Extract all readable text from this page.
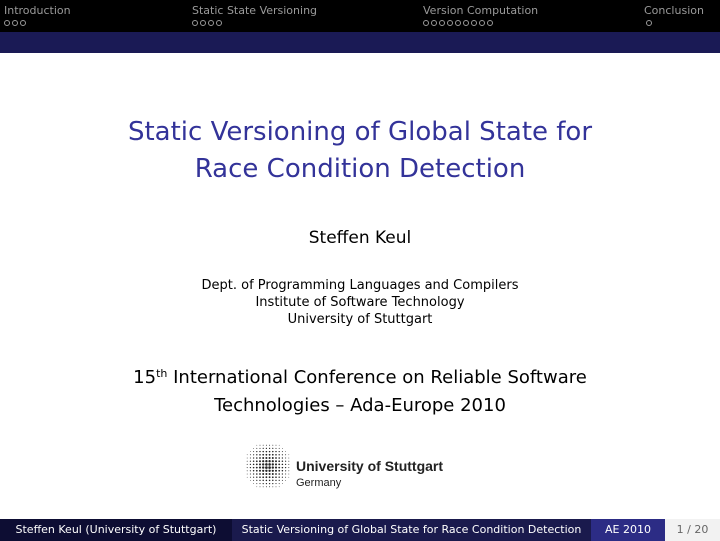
Introduction	Static State Versioning	Version Computation	Conclusion
Static Versioning of Global State for
Race Condition Detection
Steffen Keul
Dept. of Programming Languages and Compilers
Institute of Software Technology
University of Stuttgart
15th International Conference on Reliable Software
Technologies – Ada-Europe 2010
University of Stuttgart
Germany
Steffen Keul (University of Stuttgart)	Static Versioning of Global State for Race Condition Detection	AE 2010	1 / 20
